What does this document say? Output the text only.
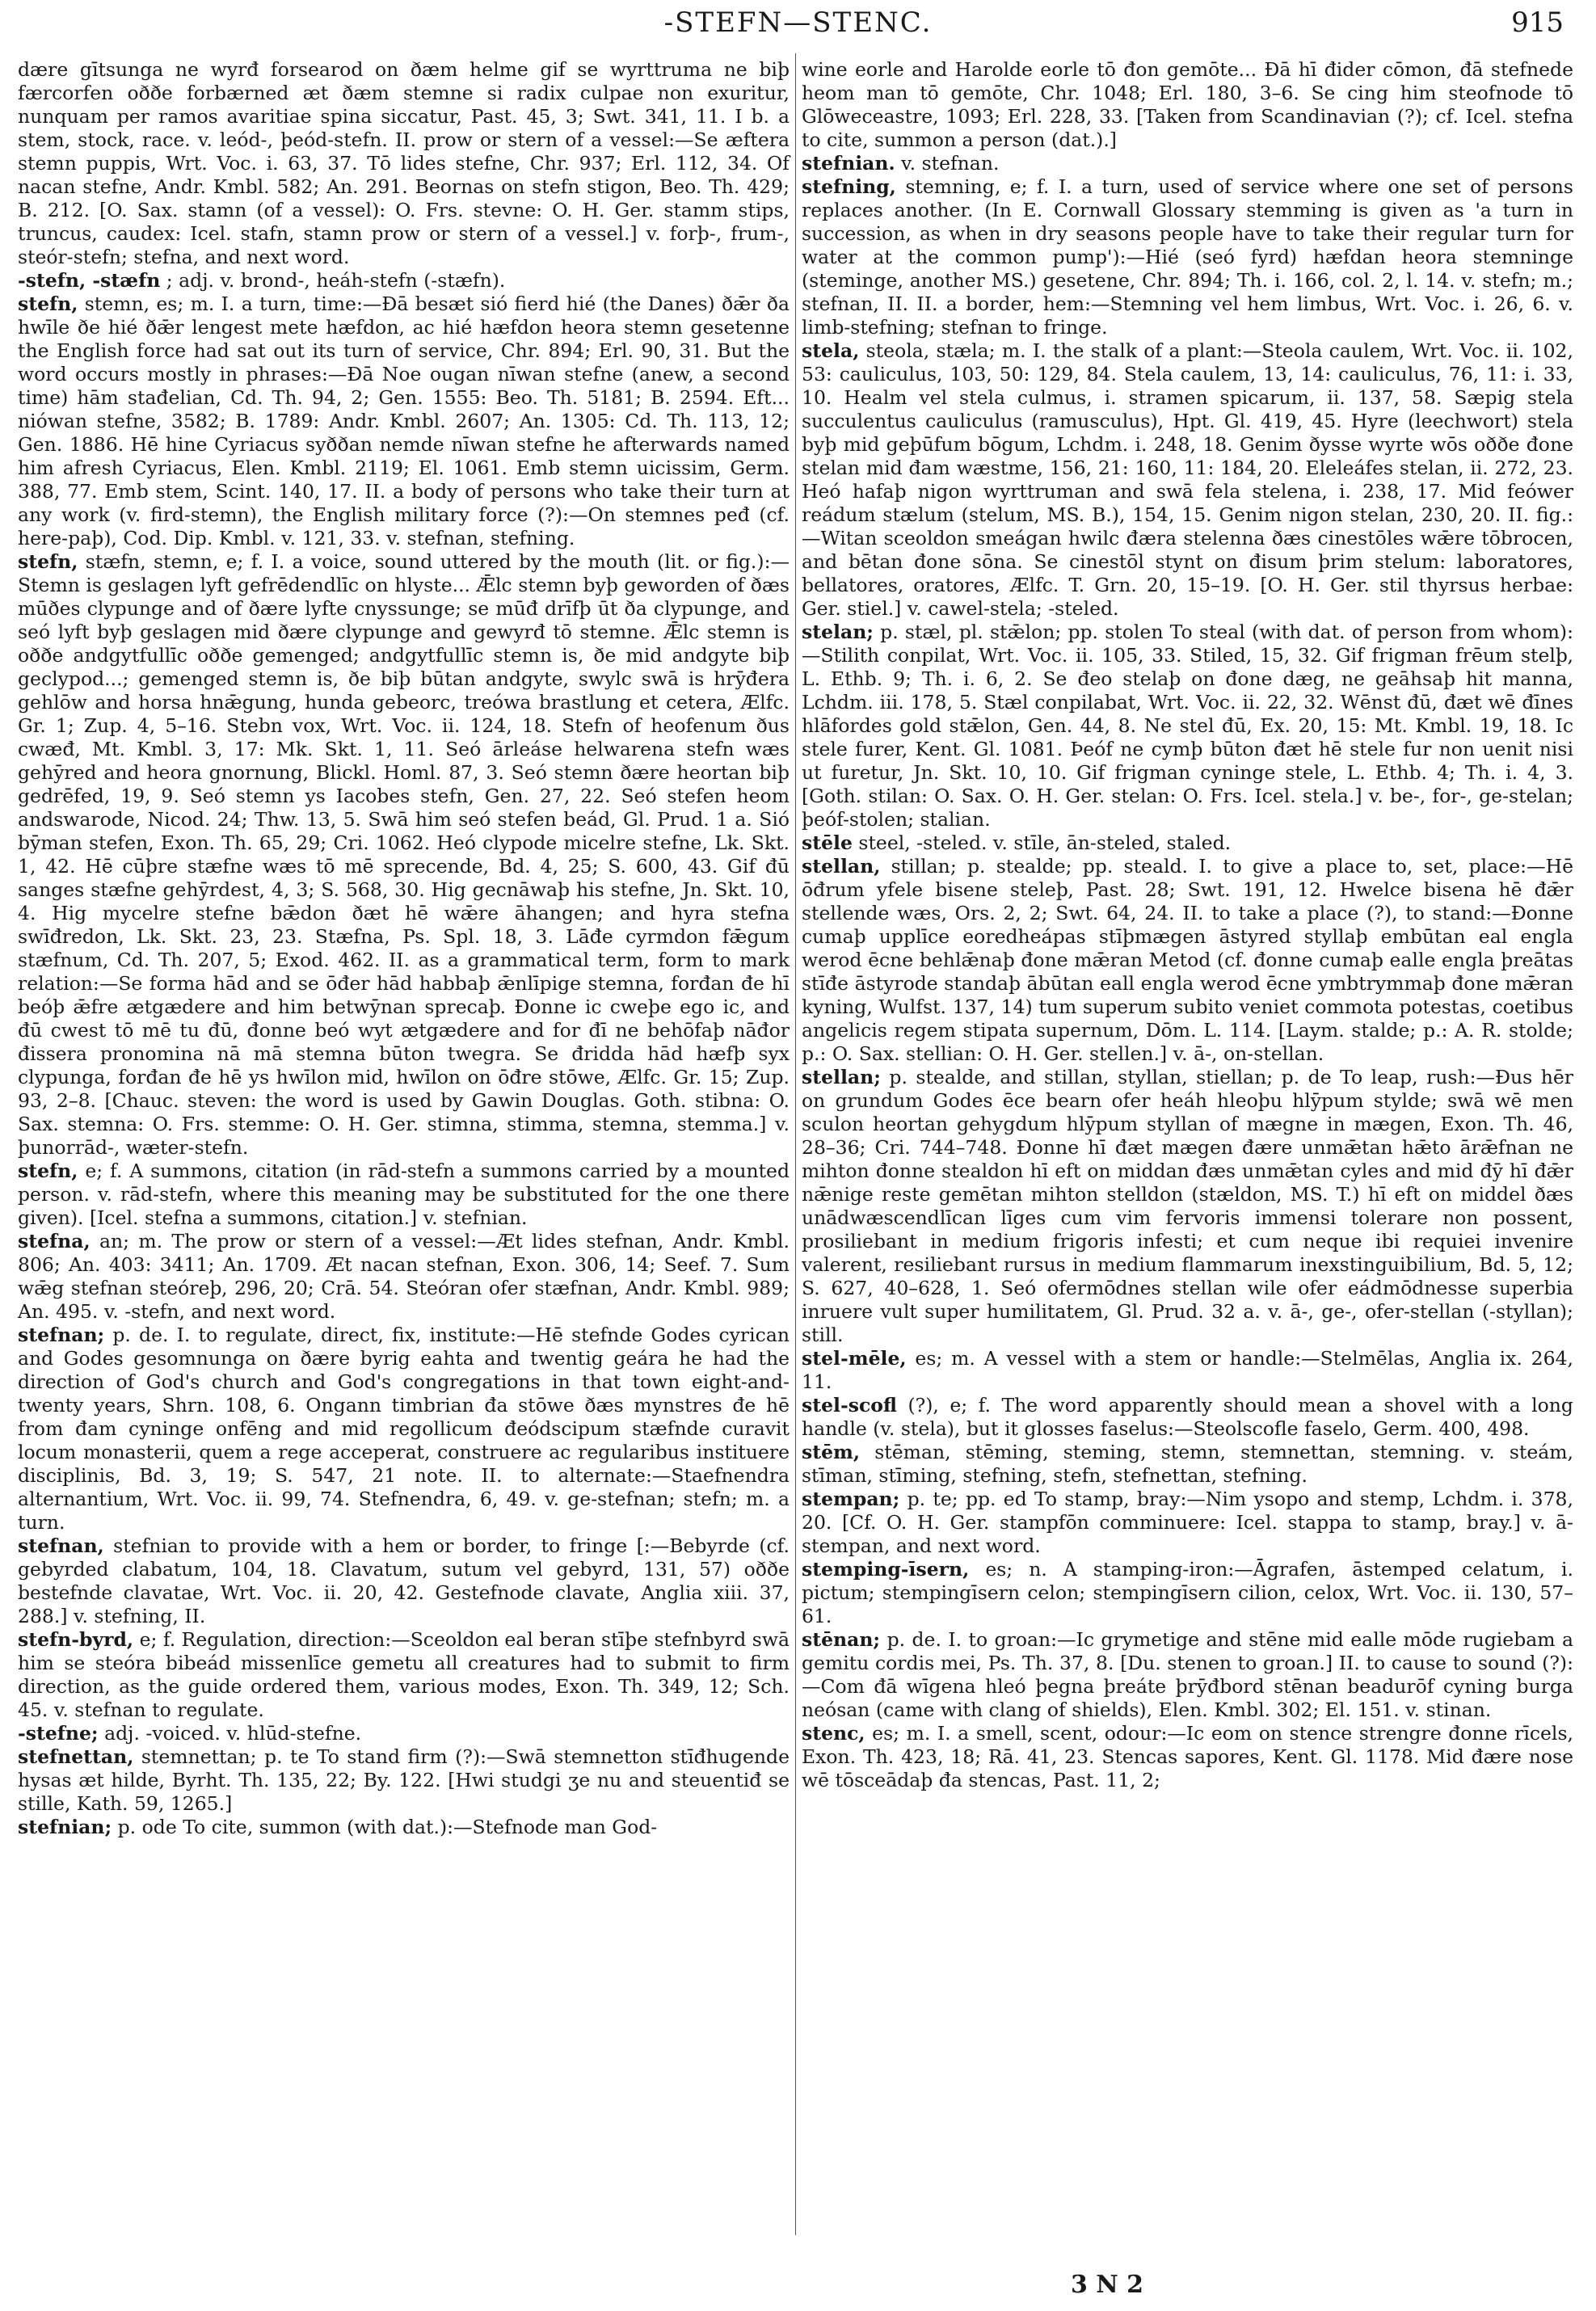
-STEFN—STENC.	915
dære gītsunga ne wyrđ forsearod on ðæm helme gif se wyrttruma ne biþ færcorfen oððe forbærned æt ðæm stemne si radix culpae non exuritur, nunquam per ramos avaritiae spina siccatur, Past. 45, 3; Swt. 341, 11. I b. a stem, stock, race. v. leód-, þeód-stefn. II. prow or stern of a vessel:—Se æftera stemn puppis, Wrt. Voc. i. 63, 37. Tō lides stefne, Chr. 937; Erl. 112, 34. Of nacan stefne, Andr. Kmbl. 582; An. 291. Beornas on stefn stigon, Beo. Th. 429; B. 212. [O. Sax. stamn (of a vessel): O. Frs. stevne: O. H. Ger. stamm stips, truncus, caudex: Icel. stafn, stamn prow or stern of a vessel.] v. forþ-, frum-, steór-stefn; stefna, and next word.
-stefn, -stæfn ; adj. v. brond-, heáh-stefn (-stæfn).
stefn, stemn, es; m. I. a turn, time:—Đā besæt sió fierd hié (the Danes) ðǣr ða hwīle ðe hié ðǣr lengest mete hæfdon, ac hié hæfdon heora stemn gesetenne the English force had sat out its turn of service, Chr. 894; Erl. 90, 31. But the word occurs mostly in phrases:—Đā Noe ougan nīwan stefne (anew, a second time) hām stađelian, Cd. Th. 94, 2; Gen. 1555: Beo. Th. 5181; B. 2594. Eft... niówan stefne, 3582; B. 1789: Andr. Kmbl. 2607; An. 1305: Cd. Th. 113, 12; Gen. 1886. Hē hine Cyriacus syððan nemde nīwan stefne he afterwards named him afresh Cyriacus, Elen. Kmbl. 2119; El. 1061. Emb stemn uicissim, Germ. 388, 77. Emb stem, Scint. 140, 17. II. a body of persons who take their turn at any work (v. fird-stemn), the English military force (?):—On stemnes peđ (cf. here-paþ), Cod. Dip. Kmbl. v. 121, 33. v. stefnan, stefning.
stefn, stæfn, stemn, e; f. I. a voice, sound uttered by the mouth (lit. or fig.):—Stemn is geslagen lyft gefrēdendlīc on hlyste... Ǣlc stemn byþ geworden of ðæs mūðes clypunge and of ðære lyfte cnyssunge; se mūđ drīfþ ūt ða clypunge, and seó lyft byþ geslagen mid ðære clypunge and gewyrđ tō stemne. Ǣlc stemn is oððe andgytfullīc oððe gemenged; andgytfullīc stemn is, ðe mid andgyte biþ geclypod...; gemenged stemn is, ðe biþ būtan andgyte, swylc swā is hrȳđera gehlōw and horsa hnǣgung, hunda gebeorc, treówa brastlung et cetera, Ælfc. Gr. 1; Zup. 4, 5–16. Stebn vox, Wrt. Voc. ii. 124, 18. Stefn of heofenum ðus cwæđ, Mt. Kmbl. 3, 17: Mk. Skt. 1, 11. Seó ārleáse helwarena stefn wæs gehȳred and heora gnornung, Blickl. Homl. 87, 3. Seó stemn ðære heortan biþ gedrēfed, 19, 9. Seó stemn ys Iacobes stefn, Gen. 27, 22. Seó stefen heom andswarode, Nicod. 24; Thw. 13, 5. Swā him seó stefen beád, Gl. Prud. 1 a. Sió bȳman stefen, Exon. Th. 65, 29; Cri. 1062. Heó clypode micelre stefne, Lk. Skt. 1, 42. Hē cūþre stæfne wæs tō mē sprecende, Bd. 4, 25; S. 600, 43. Gif đū sanges stæfne gehȳrdest, 4, 3; S. 568, 30. Hig gecnāwaþ his stefne, Jn. Skt. 10, 4. Hig mycelre stefne bǣdon ðæt hē wǣre āhangen; and hyra stefna swīđredon, Lk. Skt. 23, 23. Stæfna, Ps. Spl. 18, 3. Lāđe cyrmdon fǣgum stæfnum, Cd. Th. 207, 5; Exod. 462. II. as a grammatical term, form to mark relation:—Se forma hād and se ōđer hād habbaþ ǣnlīpige stemna, forđan đe hī beóþ ǣfre ætgædere and him betwȳnan sprecaþ. Đonne ic cweþe ego ic, and đū cwest tō mē tu đū, đonne beó wyt ætgædere and for đī ne behōfaþ nāđor đissera pronomina nā mā stemna būton twegra. Se đridda hād hæfþ syx clypunga, forđan đe hē ys hwīlon mid, hwīlon on ōđre stōwe, Ælfc. Gr. 15; Zup. 93, 2–8. [Chauc. steven: the word is used by Gawin Douglas. Goth. stibna: O. Sax. stemna: O. Frs. stemme: O. H. Ger. stimna, stimma, stemna, stemma.] v. þunorrād-, wæter-stefn.
stefn, e; f. A summons, citation (in rād-stefn a summons carried by a mounted person. v. rād-stefn, where this meaning may be substituted for the one there given). [Icel. stefna a summons, citation.] v. stefnian.
stefna, an; m. The prow or stern of a vessel:—Æt lides stefnan, Andr. Kmbl. 806; An. 403: 3411; An. 1709. Æt nacan stefnan, Exon. 306, 14; Seef. 7. Sum wǣg stefnan steóreþ, 296, 20; Crā. 54. Steóran ofer stæfnan, Andr. Kmbl. 989; An. 495. v. -stefn, and next word.
stefnan; p. de. I. to regulate, direct, fix, institute:—Hē stefnde Godes cyrican and Godes gesomnunga on ðære byrig eahta and twentig geára he had the direction of God's church and God's congregations in that town eight-and-twenty years, Shrn. 108, 6. Ongann timbrian đa stōwe ðæs mynstres đe hē from đam cyninge onfēng and mid regollicum đeódscipum stæfnde curavit locum monasterii, quem a rege acceperat, construere ac regularibus instituere disciplinis, Bd. 3, 19; S. 547, 21 note. II. to alternate:—Staefnendra alternantium, Wrt. Voc. ii. 99, 74. Stefnendra, 6, 49. v. ge-stefnan; stefn; m. a turn.
stefnan, stefnian to provide with a hem or border, to fringe [:—Bebyrde (cf. gebyrded clabatum, 104, 18. Clavatum, sutum vel gebyrd, 131, 57) oððe bestefnde clavatae, Wrt. Voc. ii. 20, 42. Gestefnode clavate, Anglia xiii. 37, 288.] v. stefning, II.
stefn-byrd, e; f. Regulation, direction:—Sceoldon eal beran stīþe stefnbyrd swā him se steóra bibeád missenlīce gemetu all creatures had to submit to firm direction, as the guide ordered them, various modes, Exon. Th. 349, 12; Sch. 45. v. stefnan to regulate.
-stefne; adj. -voiced. v. hlūd-stefne.
stefnettan, stemnettan; p. te To stand firm (?):—Swā stemnetton stīđhugende hysas æt hilde, Byrht. Th. 135, 22; By. 122. [Hwi studgi ʒe nu and steuentiđ se stille, Kath. 59, 1265.]
stefnian; p. ode To cite, summon (with dat.):—Stefnode man God-
wine eorle and Harolde eorle tō đon gemōte... Đā hī đider cōmon, đā stefnede heom man tō gemōte, Chr. 1048; Erl. 180, 3–6. Se cing him steofnode tō Glōweceastre, 1093; Erl. 228, 33. [Taken from Scandinavian (?); cf. Icel. stefna to cite, summon a person (dat.).]
stefnian. v. stefnan.
stefning, stemning, e; f. I. a turn, used of service where one set of persons replaces another. (In E. Cornwall Glossary stemming is given as 'a turn in succession, as when in dry seasons people have to take their regular turn for water at the common pump'):—Hié (seó fyrd) hæfdan heora stemninge (steminge, another MS.) gesetene, Chr. 894; Th. i. 166, col. 2, l. 14. v. stefn; m.; stefnan, II. II. a border, hem:—Stemning vel hem limbus, Wrt. Voc. i. 26, 6. v. limb-stefning; stefnan to fringe.
stela, steola, stæla; m. I. the stalk of a plant:—Steola caulem, Wrt. Voc. ii. 102, 53: cauliculus, 103, 50: 129, 84. Stela caulem, 13, 14: cauliculus, 76, 11: i. 33, 10. Healm vel stela culmus, i. stramen spicarum, ii. 137, 58. Sæpig stela succulentus cauliculus (ramusculus), Hpt. Gl. 419, 45. Hyre (leechwort) stela byþ mid geþūfum bōgum, Lchdm. i. 248, 18. Genim ðysse wyrte wōs oððe đone stelan mid đam wæstme, 156, 21: 160, 11: 184, 20. Eleleáfes stelan, ii. 272, 23. Heó hafaþ nigon wyrttruman and swā fela stelena, i. 238, 17. Mid feówer reádum stælum (stelum, MS. B.), 154, 15. Genim nigon stelan, 230, 20. II. fig.:—Witan sceoldon smeágan hwilc đæra stelenna ðæs cinestōles wǣre tōbrocen, and bētan đone sōna. Se cinestōl stynt on đisum þrim stelum: laboratores, bellatores, oratores, Ælfc. T. Grn. 20, 15–19. [O. H. Ger. stil thyrsus herbae: Ger. stiel.] v. cawel-stela; -steled.
stelan; p. stæl, pl. stǣlon; pp. stolen To steal (with dat. of person from whom):—Stilith conpilat, Wrt. Voc. ii. 105, 33. Stiled, 15, 32. Gif frigman frēum stelþ, L. Ethb. 9; Th. i. 6, 2. Se đeo stelaþ on đone dæg, ne geāhsaþ hit manna, Lchdm. iii. 178, 5. Stæl conpilabat, Wrt. Voc. ii. 22, 32. Wēnst đū, đæt wē đīnes hlāfordes gold stǣlon, Gen. 44, 8. Ne stel đū, Ex. 20, 15: Mt. Kmbl. 19, 18. Ic stele furer, Kent. Gl. 1081. Þeóf ne cymþ būton đæt hē stele fur non uenit nisi ut furetur, Jn. Skt. 10, 10. Gif frigman cyninge stele, L. Ethb. 4; Th. i. 4, 3. [Goth. stilan: O. Sax. O. H. Ger. stelan: O. Frs. Icel. stela.] v. be-, for-, ge-stelan; þeóf-stolen; stalian.
stēle steel, -steled. v. stīle, ān-steled, staled.
stellan, stillan; p. stealde; pp. steald. I. to give a place to, set, place:—Hē ōđrum yfele bisene steleþ, Past. 28; Swt. 191, 12. Hwelce bisena hē đǣr stellende wæs, Ors. 2, 2; Swt. 64, 24. II. to take a place (?), to stand:—Đonne cumaþ upplīce eoredheápas stīþmægen āstyred styllaþ embūtan eal engla werod ēcne behlǣnaþ đone mǣran Metod (cf. đonne cumaþ ealle engla þreātas stīđe āstyrode standaþ ābūtan eall engla werod ēcne ymbtrymmaþ đone mǣran kyning, Wulfst. 137, 14) tum superum subito veniet commota potestas, coetibus angelicis regem stipata supernum, Dōm. L. 114. [Laym. stalde; p.: A. R. stolde; p.: O. Sax. stellian: O. H. Ger. stellen.] v. ā-, on-stellan.
stellan; p. stealde, and stillan, styllan, stiellan; p. de To leap, rush:—Đus hēr on grundum Godes ēce bearn ofer heáh hleoþu hlȳpum stylde; swā wē men sculon heortan gehygdum hlȳpum styllan of mægne in mægen, Exon. Th. 46, 28–36; Cri. 744–748. Đonne hī đæt mægen đære unmǣtan hǣto ārǣfnan ne mihton đonne stealdon hī eft on middan đæs unmǣtan cyles and mid đȳ hī đǣr nǣnige reste gemētan mihton stelldon (stældon, MS. T.) hī eft on middel ðæs unādwæscendlīcan līges cum vim fervoris immensi tolerare non possent, prosiliebant in medium frigoris infesti; et cum neque ibi requiei invenire valerent, resiliebant rursus in medium flammarum inexstinguibilium, Bd. 5, 12; S. 627, 40–628, 1. Seó ofermōdnes stellan wile ofer eádmōdnesse superbia inruere vult super humilitatem, Gl. Prud. 32 a. v. ā-, ge-, ofer-stellan (-styllan); still.
stel-mēle, es; m. A vessel with a stem or handle:—Stelmēlas, Anglia ix. 264, 11.
stel-scofl (?), e; f. The word apparently should mean a shovel with a long handle (v. stela), but it glosses faselus:—Steolscofle faselo, Germ. 400, 498.
stēm, stēman, stēming, steming, stemn, stemnettan, stemning. v. steám, stīman, stīming, stefning, stefn, stefnettan, stefning.
stempan; p. te; pp. ed To stamp, bray:—Nim ysopo and stemp, Lchdm. i. 378, 20. [Cf. O. H. Ger. stampfōn comminuere: Icel. stappa to stamp, bray.] v. ā-stempan, and next word.
stemping-īsern, es; n. A stamping-iron:—Āgrafen, āstemped celatum, i. pictum; stempingīsern celon; stempingīsern cilion, celox, Wrt. Voc. ii. 130, 57–61.
stēnan; p. de. I. to groan:—Ic grymetige and stēne mid ealle mōde rugiebam a gemitu cordis mei, Ps. Th. 37, 8. [Du. stenen to groan.] II. to cause to sound (?):—Com đā wīgena hleó þegna þreáte þrȳđbord stēnan beadurōf cyning burga neósan (came with clang of shields), Elen. Kmbl. 302; El. 151. v. stinan.
stenc, es; m. I. a smell, scent, odour:—Ic eom on stence strengre đonne rīcels, Exon. Th. 423, 18; Rā. 41, 23. Stencas sapores, Kent. Gl. 1178. Mid đære nose wē tōsceādaþ đa stencas, Past. 11, 2;
3 N 2
